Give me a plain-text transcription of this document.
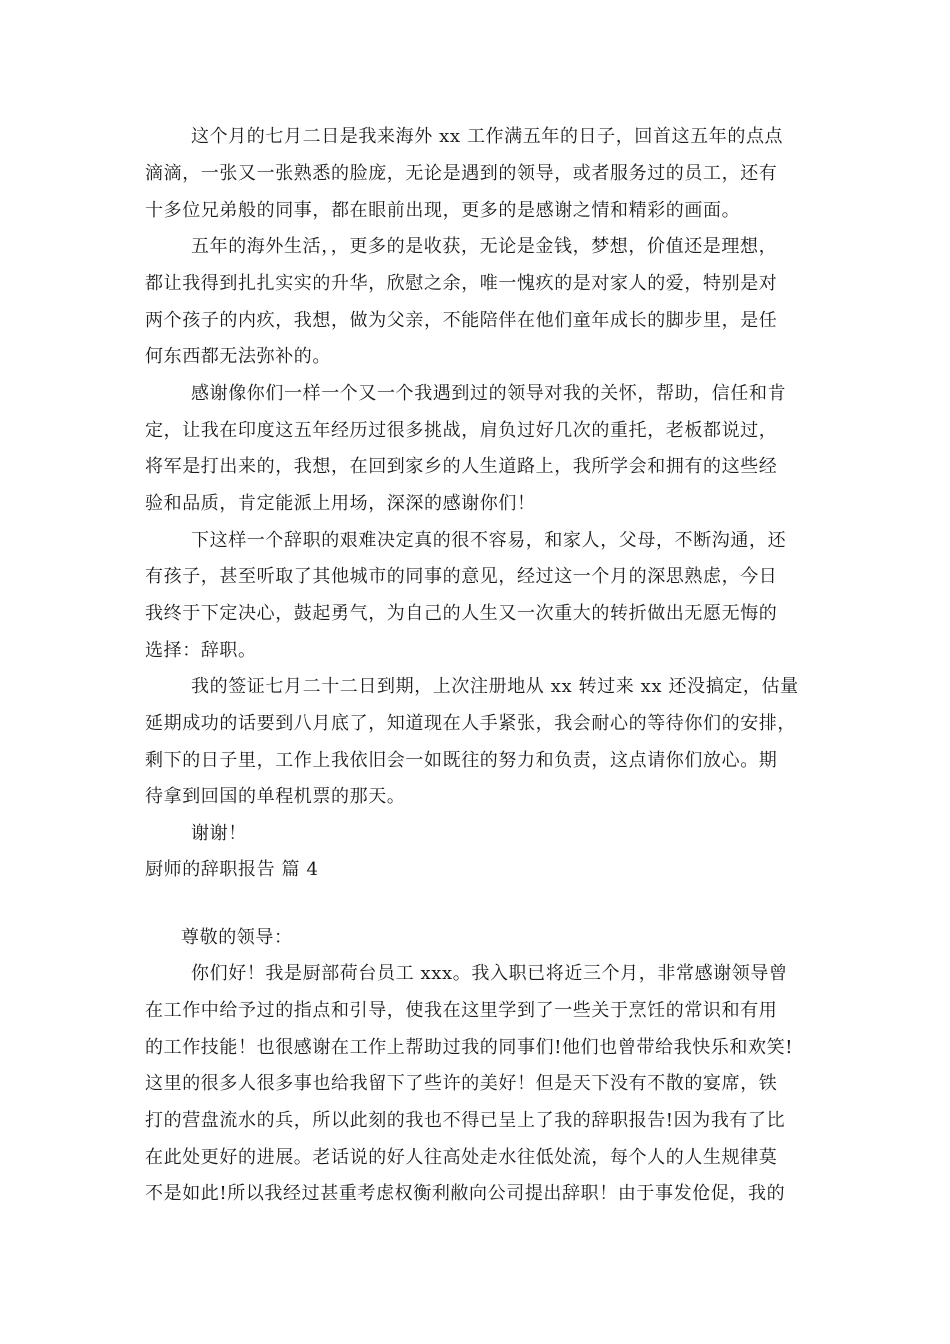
这个月的七月二日是我来海外 xx 工作满五年的日子，回首这五年的点点
滴滴，一张又一张熟悉的脸庞，无论是遇到的领导，或者服务过的员工，还有
十多位兄弟般的同事，都在眼前出现，更多的是感谢之情和精彩的画面。
五年的海外生活，，更多的是收获，无论是金钱，梦想，价值还是理想，
都让我得到扎扎实实的升华，欣慰之余，唯一愧疚的是对家人的爱，特别是对
两个孩子的内疚，我想，做为父亲，不能陪伴在他们童年成长的脚步里，是任
何东西都无法弥补的。
感谢像你们一样一个又一个我遇到过的领导对我的关怀，帮助，信任和肯
定，让我在印度这五年经历过很多挑战，肩负过好几次的重托，老板都说过，
将军是打出来的，我想，在回到家乡的人生道路上，我所学会和拥有的这些经
验和品质，肯定能派上用场，深深的感谢你们！
下这样一个辞职的艰难决定真的很不容易，和家人，父母，不断沟通，还
有孩子，甚至听取了其他城市的同事的意见，经过这一个月的深思熟虑，今日
我终于下定决心，鼓起勇气，为自己的人生又一次重大的转折做出无愿无悔的
选择：辞职。
我的签证七月二十二日到期，上次注册地从 xx 转过来 xx 还没搞定，估量
延期成功的话要到八月底了，知道现在人手紧张，我会耐心的等待你们的安排，
剩下的日子里，工作上我依旧会一如既往的努力和负责，这点请你们放心。期
待拿到回国的单程机票的那天。
谢谢！
厨师的辞职报告 篇 4
尊敬的领导：
你们好！我是厨部荷台员工 xxx。我入职已将近三个月，非常感谢领导曾
在工作中给予过的指点和引导，使我在这里学到了一些关于烹饪的常识和有用
的工作技能！也很感谢在工作上帮助过我的同事们!他们也曾带给我快乐和欢笑!
这里的很多人很多事也给我留下了些许的美好！但是天下没有不散的宴席，铁
打的营盘流水的兵，所以此刻的我也不得已呈上了我的辞职报告!因为我有了比
在此处更好的进展。老话说的好人往高处走水往低处流，每个人的人生规律莫
不是如此!所以我经过甚重考虑权衡利敝向公司提出辞职！由于事发伧促，我的
